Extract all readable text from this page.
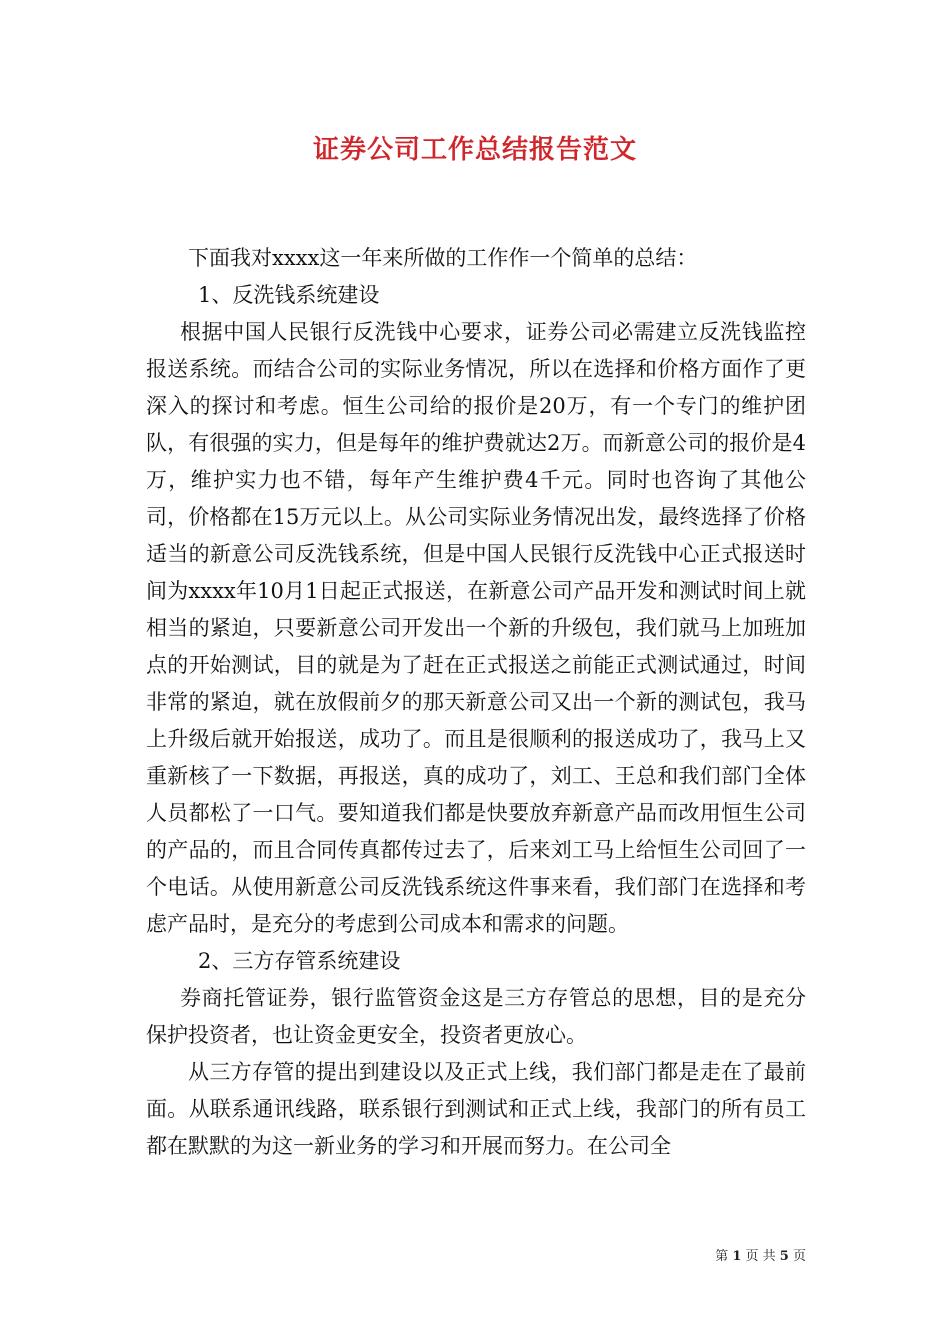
证券公司工作总结报告范文

下面我对xxxx这一年来所做的工作作一个简单的总结：

1、反洗钱系统建设

根据中国人民银行反洗钱中心要求，证券公司必需建立反洗钱监控报送系统。而结合公司的实际业务情况，所以在选择和价格方面作了更深入的探讨和考虑。恒生公司给的报价是20万，有一个专门的维护团队，有很强的实力，但是每年的维护费就达2万。而新意公司的报价是4万，维护实力也不错，每年产生维护费4千元。同时也咨询了其他公司，价格都在15万元以上。从公司实际业务情况出发，最终选择了价格适当的新意公司反洗钱系统，但是中国人民银行反洗钱中心正式报送时间为xxxx年10月1日起正式报送，在新意公司产品开发和测试时间上就相当的紧迫，只要新意公司开发出一个新的升级包，我们就马上加班加点的开始测试，目的就是为了赶在正式报送之前能正式测试通过，时间非常的紧迫，就在放假前夕的那天新意公司又出一个新的测试包，我马上升级后就开始报送，成功了。而且是很顺利的报送成功了，我马上又重新核了一下数据，再报送，真的成功了，刘工、王总和我们部门全体人员都松了一口气。要知道我们都是快要放弃新意产品而改用恒生公司的产品的，而且合同传真都传过去了，后来刘工马上给恒生公司回了一个电话。从使用新意公司反洗钱系统这件事来看，我们部门在选择和考虑产品时，是充分的考虑到公司成本和需求的问题。

2、三方存管系统建设

券商托管证券，银行监管资金这是三方存管总的思想，目的是充分保护投资者，也让资金更安全，投资者更放心。

从三方存管的提出到建设以及正式上线，我们部门都是走在了最前面。从联系通讯线路，联系银行到测试和正式上线，我部门的所有员工都在默默的为这一新业务的学习和开展而努力。在公司全

第 1 页 共 5 页
